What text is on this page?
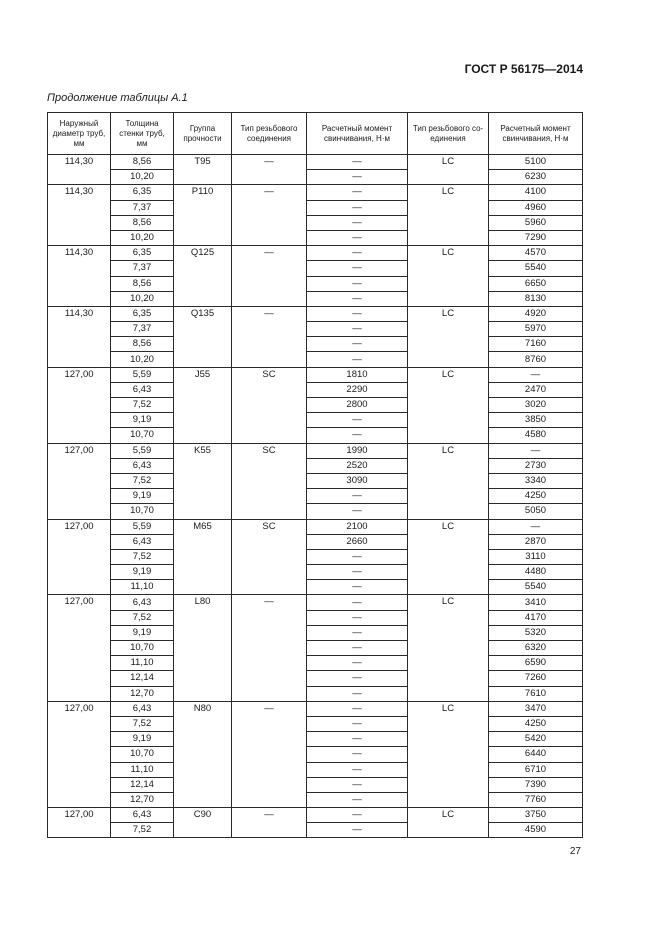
ГОСТ Р 56175—2014
Продолжение таблицы А.1
Наружный диаметр труб, мм	Толщина стенки труб, мм	Группа прочности	Тип резьбового соединения	Расчетный момент свинчивания, Н·м	Тип резьбового со-единения	Расчетный момент свинчивания, Н·м
114,30	8,56	T95	—	—	LC	5100
	10,20			—		6230
114,30	6,35	P110	—	—	LC	4100
	7,37			—		4960
	8,56			—		5960
	10,20			—		7290
114,30	6,35	Q125	—	—	LC	4570
	7,37			—		5540
	8,56			—		6650
	10,20			—		8130
114,30	6,35	Q135	—	—	LC	4920
	7,37			—		5970
	8,56			—		7160
	10,20			—		8760
127,00	5,59	J55	SC	1810	LC	—
	6,43			2290		2470
	7,52			2800		3020
	9,19			—		3850
	10,70			—		4580
127,00	5,59	K55	SC	1990	LC	—
	6,43			2520		2730
	7,52			3090		3340
	9,19			—		4250
	10,70			—		5050
127,00	5,59	M65	SC	2100	LC	—
	6,43			2660		2870
	7,52			—		3110
	9,19			—		4480
	11,10			—		5540
127,00	6,43	L80	—	—	LC	3410
	7,52			—		4170
	9,19			—		5320
	10,70			—		6320
	11,10			—		6590
	12,14			—		7260
	12,70			—		7610
127,00	6,43	N80	—	—	LC	3470
	7,52			—		4250
	9,19			—		5420
	10,70			—		6440
	11,10			—		6710
	12,14			—		7390
	12,70			—		7760
127,00	6,43	C90	—	—	LC	3750
	7,52			—		4590
27
